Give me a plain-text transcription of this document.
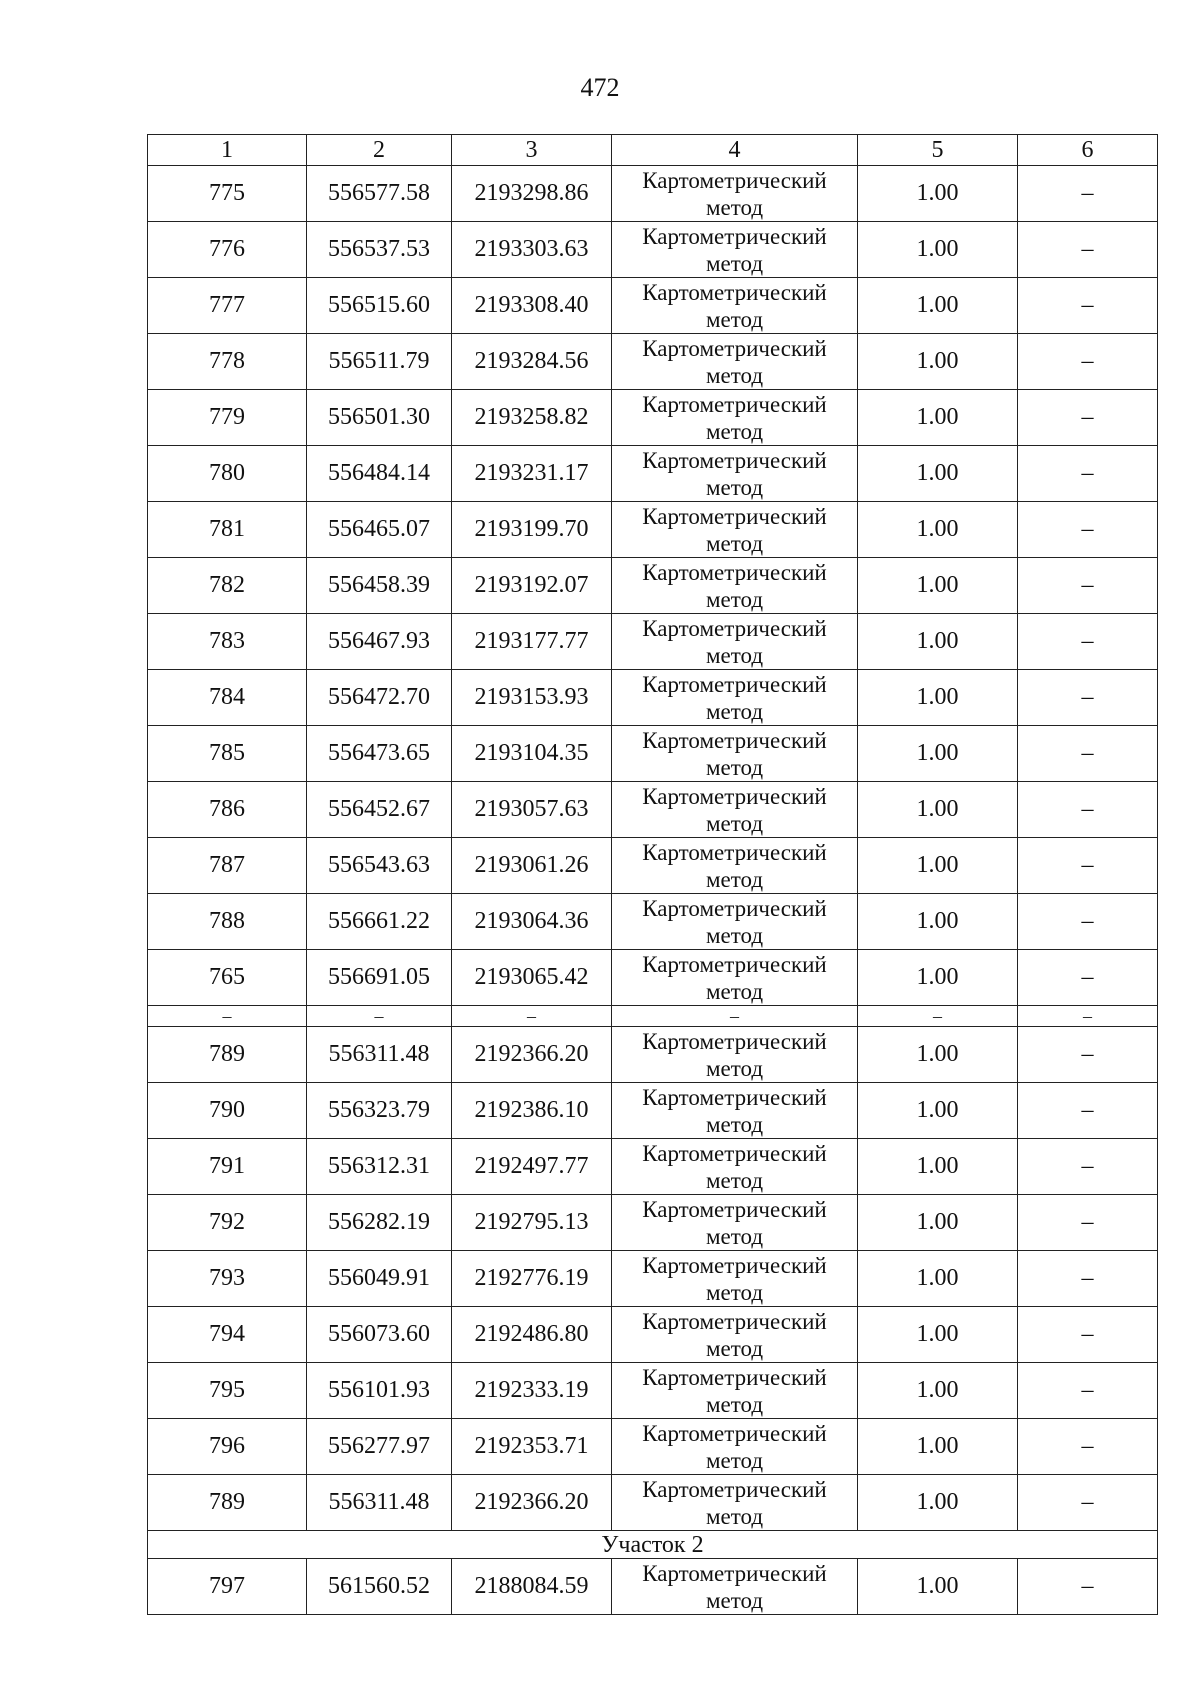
472
1	2	3	4	5	6
775	556577.58	2193298.86	Картометрический метод	1.00	–
776	556537.53	2193303.63	Картометрический метод	1.00	–
777	556515.60	2193308.40	Картометрический метод	1.00	–
778	556511.79	2193284.56	Картометрический метод	1.00	–
779	556501.30	2193258.82	Картометрический метод	1.00	–
780	556484.14	2193231.17	Картометрический метод	1.00	–
781	556465.07	2193199.70	Картометрический метод	1.00	–
782	556458.39	2193192.07	Картометрический метод	1.00	–
783	556467.93	2193177.77	Картометрический метод	1.00	–
784	556472.70	2193153.93	Картометрический метод	1.00	–
785	556473.65	2193104.35	Картометрический метод	1.00	–
786	556452.67	2193057.63	Картометрический метод	1.00	–
787	556543.63	2193061.26	Картометрический метод	1.00	–
788	556661.22	2193064.36	Картометрический метод	1.00	–
765	556691.05	2193065.42	Картометрический метод	1.00	–
–	–	–	–	–	–
789	556311.48	2192366.20	Картометрический метод	1.00	–
790	556323.79	2192386.10	Картометрический метод	1.00	–
791	556312.31	2192497.77	Картометрический метод	1.00	–
792	556282.19	2192795.13	Картометрический метод	1.00	–
793	556049.91	2192776.19	Картометрический метод	1.00	–
794	556073.60	2192486.80	Картометрический метод	1.00	–
795	556101.93	2192333.19	Картометрический метод	1.00	–
796	556277.97	2192353.71	Картометрический метод	1.00	–
789	556311.48	2192366.20	Картометрический метод	1.00	–
Участок 2					
797	561560.52	2188084.59	Картометрический метод	1.00	–
